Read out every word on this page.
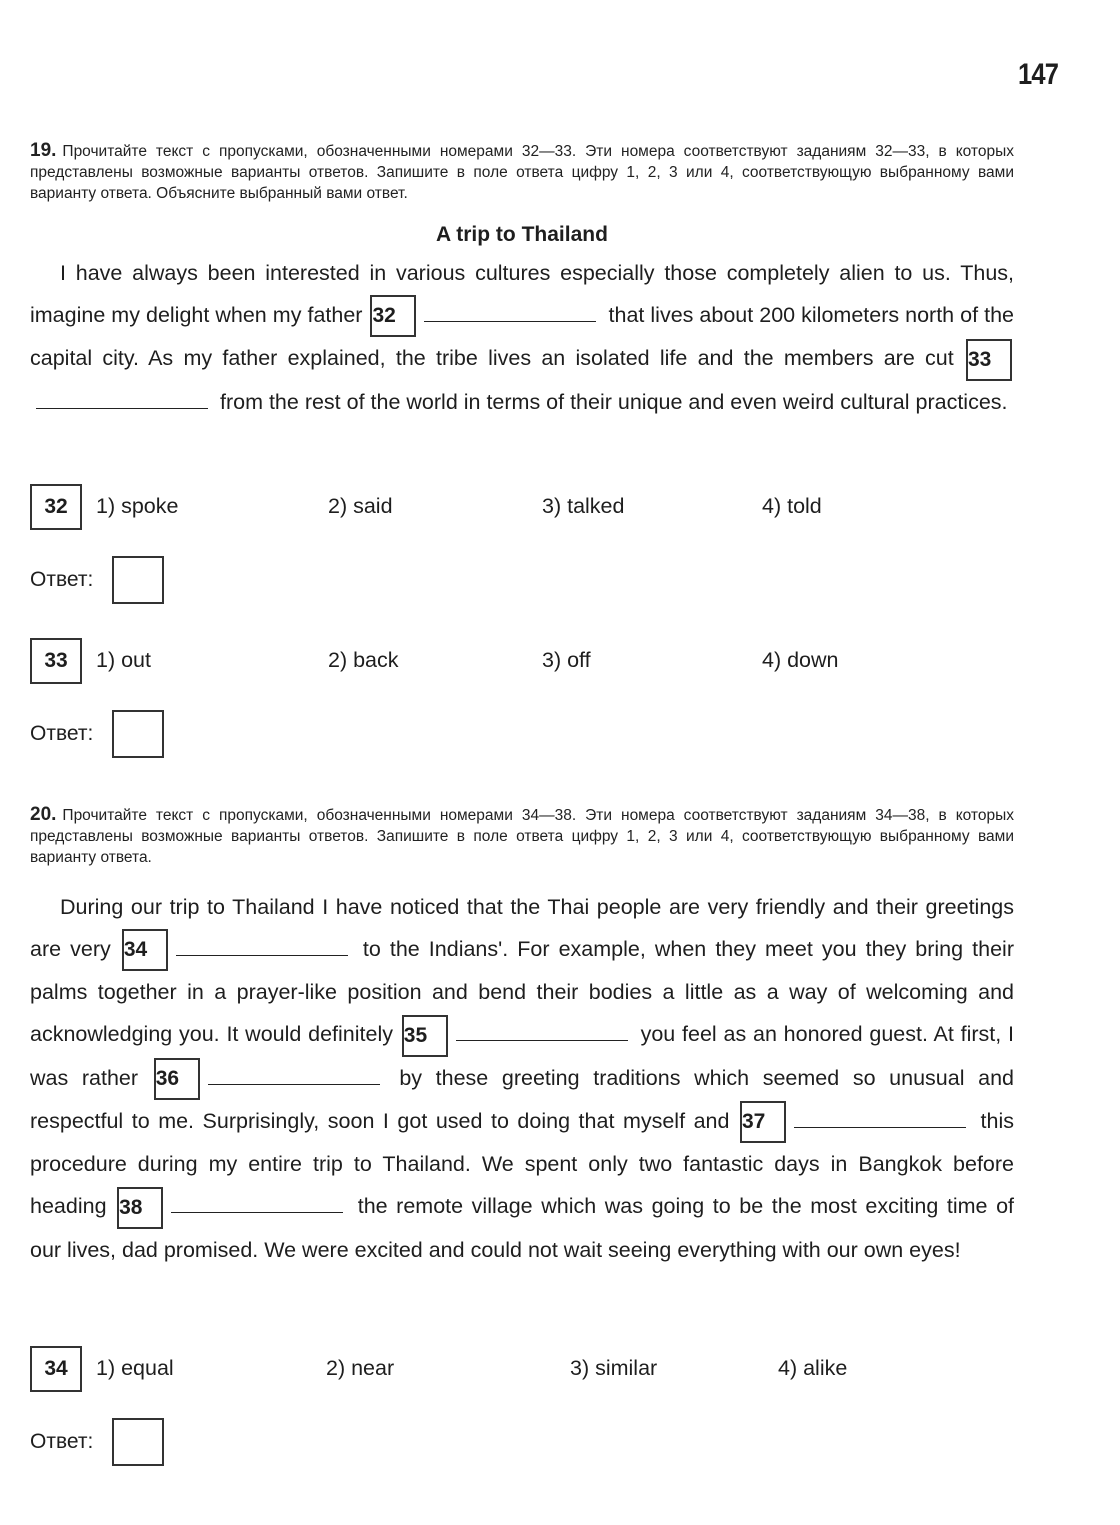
147
19. Прочитайте текст с пропусками, обозначенными номерами 32—33. Эти номера соответствуют заданиям 32—33, в которых представлены возможные варианты ответов. Запишите в поле ответа цифру 1, 2, 3 или 4, соответствующую выбранному вами варианту ответа. Объясните выбранный вами ответ.
A trip to Thailand
I have always been interested in various cultures especially those completely alien to us. Thus, imagine my delight when my father 32	that lives about 200 kilometers north of the capital city. As my father explained, the tribe lives an isolated life and the members are cut 33 from the rest of the world in terms of their unique and even weird cultural practices.
32	1) spoke	2) said	3) talked	4) told
Ответ:
33	1) out	2) back	3) off	4) down
Ответ:
20. Прочитайте текст с пропусками, обозначенными номерами 34—38. Эти номера соответствуют заданиям 34—38, в которых представлены возможные варианты ответов. Запишите в поле ответа цифру 1, 2, 3 или 4, соответствующую выбранному вами варианту ответа.
During our trip to Thailand I have noticed that the Thai people are very friendly and their greetings are very 34	to the Indians'. For example, when they meet you they bring their palms together in a prayer-like position and bend their bodies a little as a way of welcoming and acknowledging you. It would definitely 35	you feel as an honored guest. At first, I was rather 36	by these greeting traditions which seemed so unusual and respectful to me. Surprisingly, soon I got used to doing that myself and 37	this procedure during my entire trip to Thailand. We spent only two fantastic days in Bangkok before heading 38	the remote village which was going to be the most exciting time of our lives, dad promised. We were excited and could not wait seeing everything with our own eyes!
34	1) equal	2) near	3) similar	4) alike
Ответ:
